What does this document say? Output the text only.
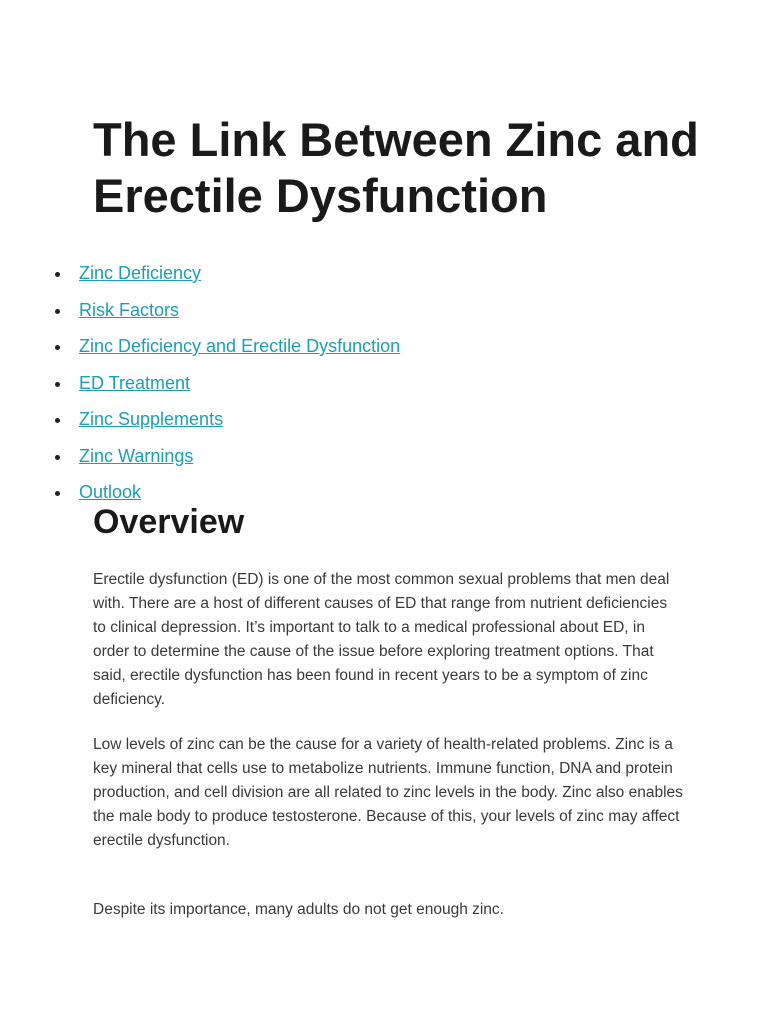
The Link Between Zinc and Erectile Dysfunction
Zinc Deficiency
Risk Factors
Zinc Deficiency and Erectile Dysfunction
ED Treatment
Zinc Supplements
Zinc Warnings
Outlook
Overview

Erectile dysfunction (ED) is one of the most common sexual problems that men deal with. There are a host of different causes of ED that range from nutrient deficiencies to clinical depression. It’s important to talk to a medical professional about ED, in order to determine the cause of the issue before exploring treatment options. That said, erectile dysfunction has been found in recent years to be a symptom of zinc deficiency.

Low levels of zinc can be the cause for a variety of health-related problems. Zinc is a key mineral that cells use to metabolize nutrients. Immune function, DNA and protein production, and cell division are all related to zinc levels in the body. Zinc also enables the male body to produce testosterone. Because of this, your levels of zinc may affect erectile dysfunction.

Despite its importance, many adults do not get enough zinc.
